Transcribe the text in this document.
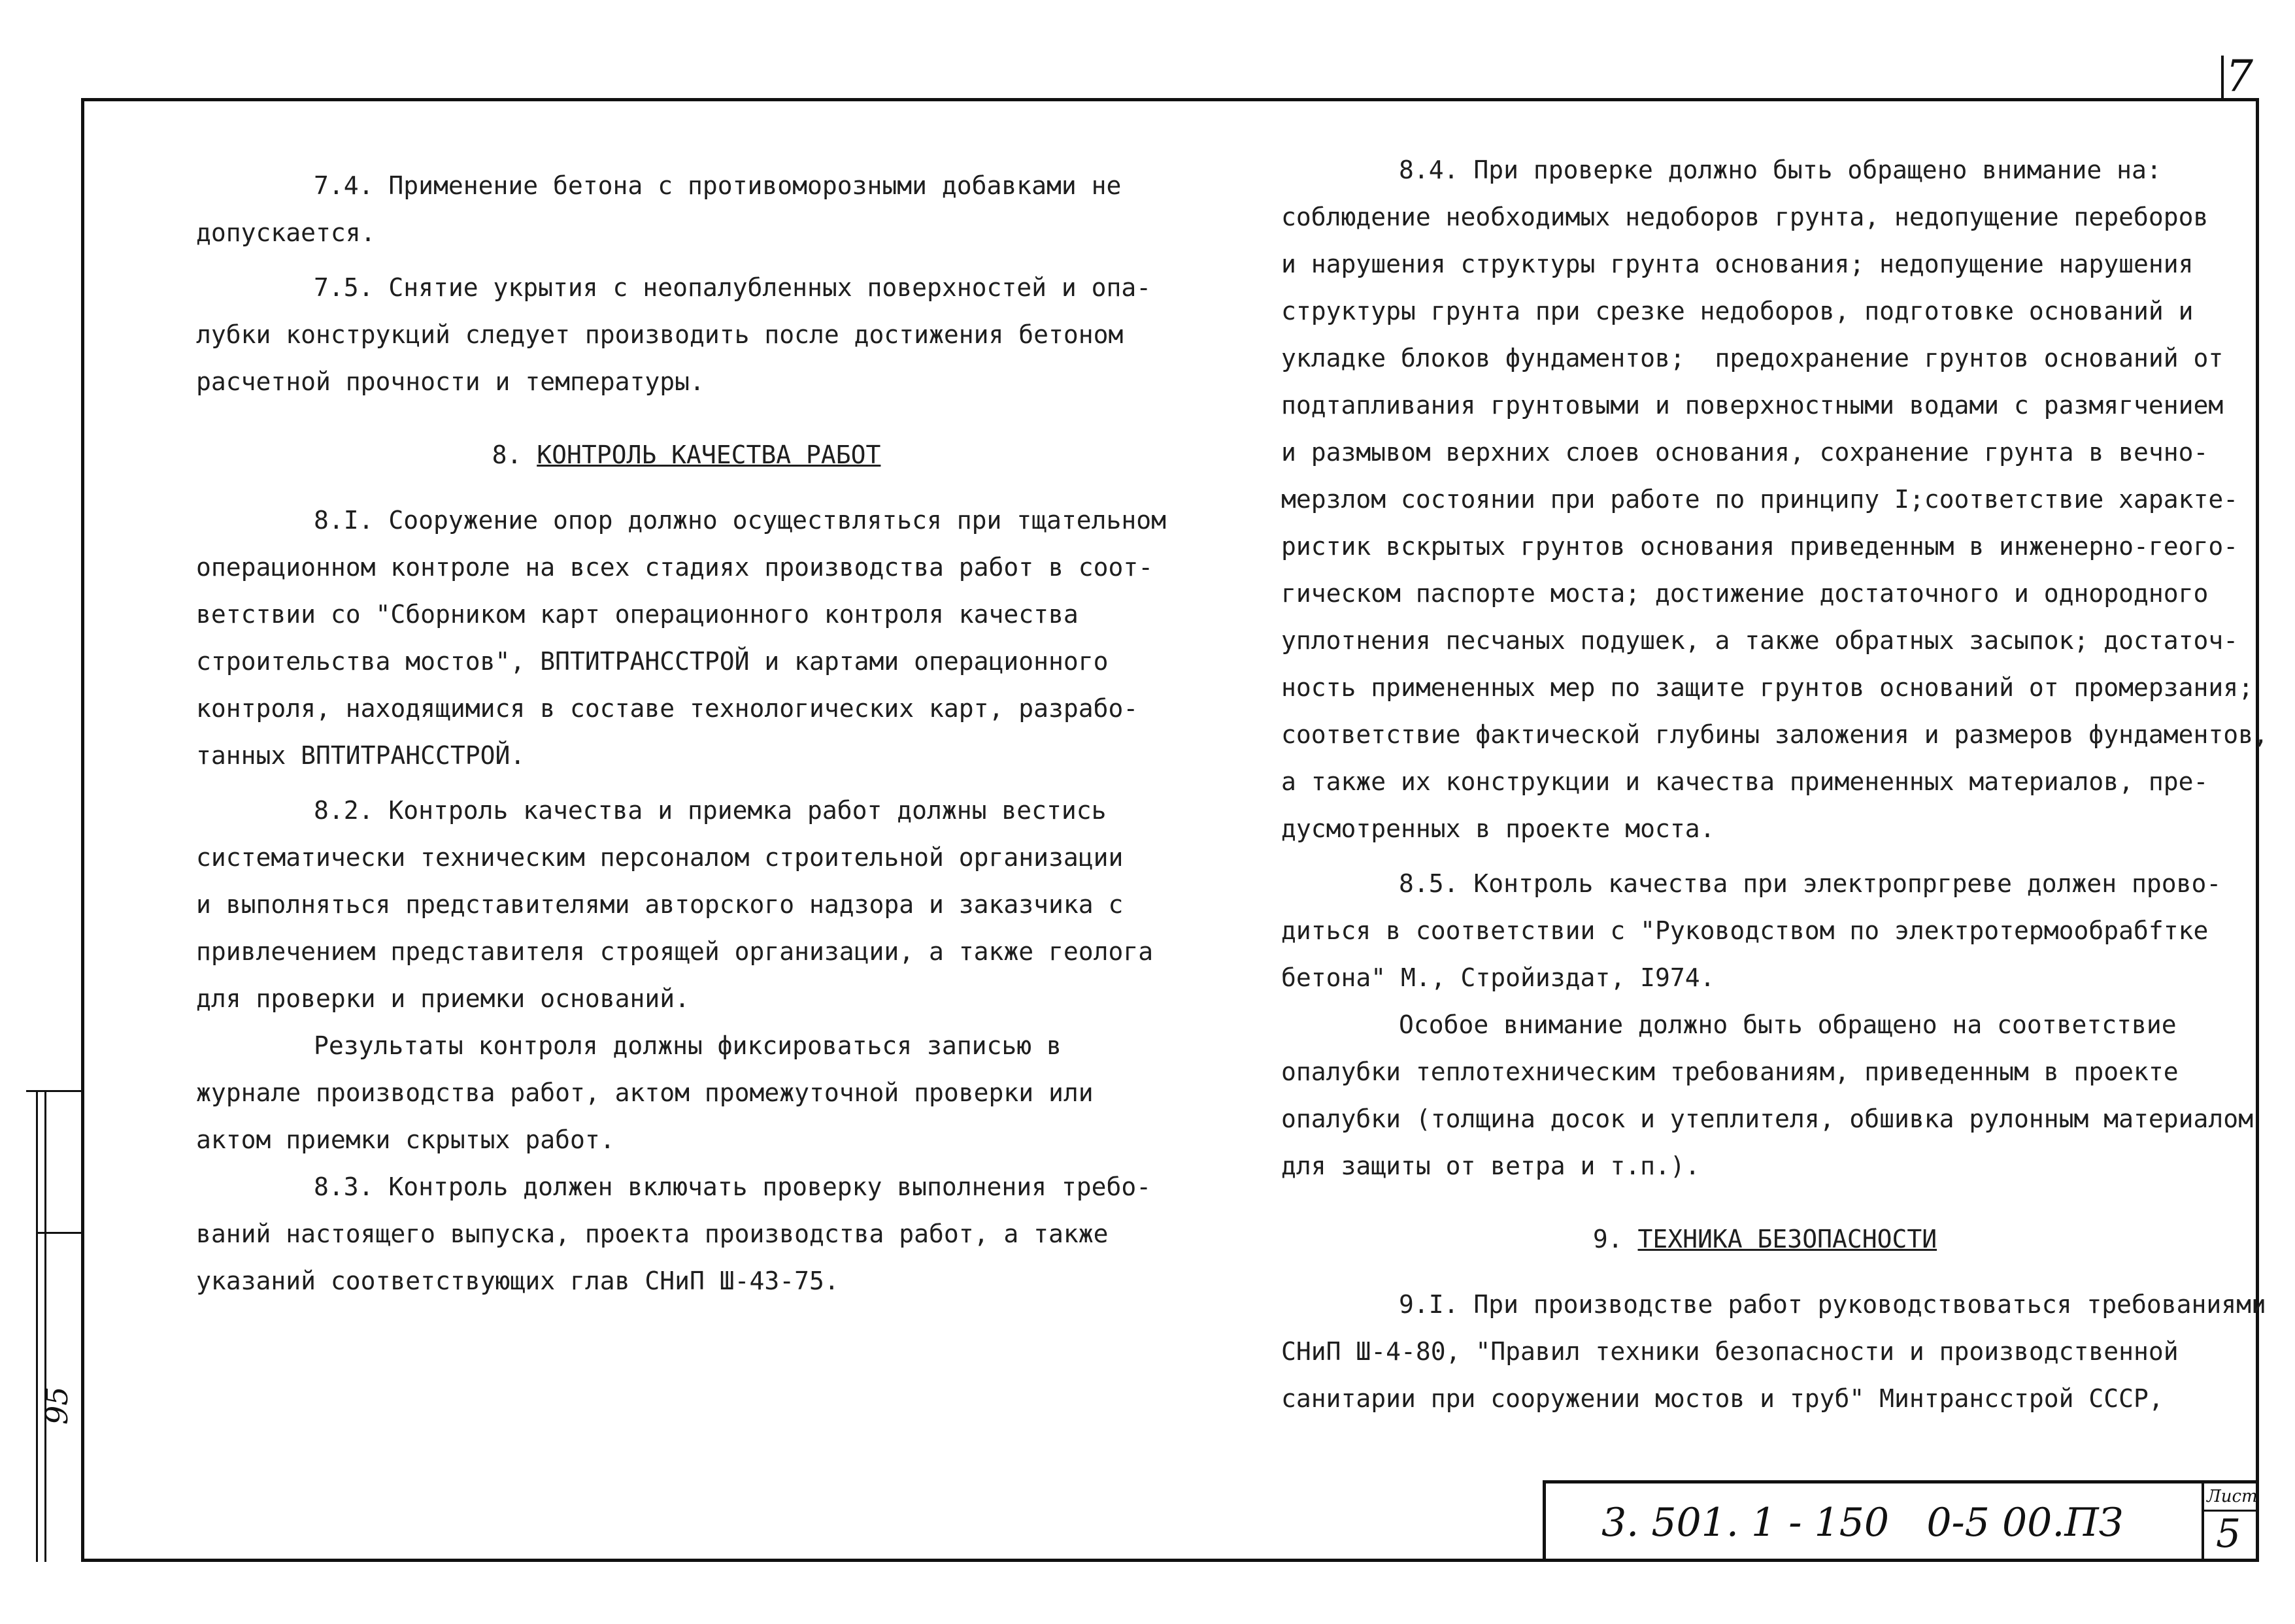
7
95

7.4. Применение бетона с противоморозными добавками не

допускается.

7.5. Снятие укрытия с неопалубленных поверхностей и опа-

лубки конструкций следует производить после достижения бетоном

расчетной прочности и температуры.

8. КОНТРОЛЬ КАЧЕСТВА РАБОТ

8.I. Сооружение опор должно осуществляться при тщательном

операционном контроле на всех стадиях производства работ в соот-

ветствии со "Сборником карт операционного контроля качества

строительства мостов", ВПТИТРАНССТРОЙ и картами операционного

контроля, находящимися в составе технологических карт, разрабо-

танных ВПТИТРАНССТРОЙ.

8.2. Контроль качества и приемка работ должны вестись

систематически техническим персоналом строительной организации

и выполняться представителями авторского надзора и заказчика с

привлечением представителя строящей организации, а также геолога

для проверки и приемки оснований.

Результаты контроля должны фиксироваться записью в

журнале производства работ, актом промежуточной проверки или

актом приемки скрытых работ.

8.3. Контроль должен включать проверку выполнения требо-

ваний настоящего выпуска, проекта производства работ, а также

указаний соответствующих глав СНиП Ш-43-75.

8.4. При проверке должно быть обращено внимание на:

соблюдение необходимых недоборов грунта, недопущение переборов

и нарушения структуры грунта основания; недопущение нарушения

структуры грунта при срезке недоборов, подготовке оснований и

укладке блоков фундаментов;  предохранение грунтов оснований от

подтапливания грунтовыми и поверхностными водами с размягчением

и размывом верхних слоев основания, сохранение грунта в вечно-

мерзлом состоянии при работе по принципу I;соответствие характе-

ристик вскрытых грунтов основания приведенным в инженерно-геого-

гическом паспорте моста; достижение достаточного и однородного

уплотнения песчаных подушек, а также обратных засыпок; достаточ-

ность примененных мер по защите грунтов оснований от промерзания;

соответствие фактической глубины заложения и размеров фундаментов,

а также их конструкции и качества примененных материалов, пре-

дусмотренных в проекте моста.

8.5. Контроль качества при электропргреве должен прово-

диться в соответствии с "Руководством по электротермообрабfтке

бетона" М., Стройиздат, I974.

Особое внимание должно быть обращено на соответствие

опалубки теплотехническим требованиям, приведенным в проекте

опалубки (толщина досок и утеплителя, обшивка рулонным материалом

для защиты от ветра и т.п.).

9. ТЕХНИКА БЕЗОПАСНОСТИ

9.I. При производстве работ руководствоваться требованиями

СНиП Ш-4-80, "Правил техники безопасности и производственной

санитарии при сооружении мостов и труб" Минтрансстрой СССР,

3. 501. 1 - 150   0-5 00.ПЗ
Лист
5
